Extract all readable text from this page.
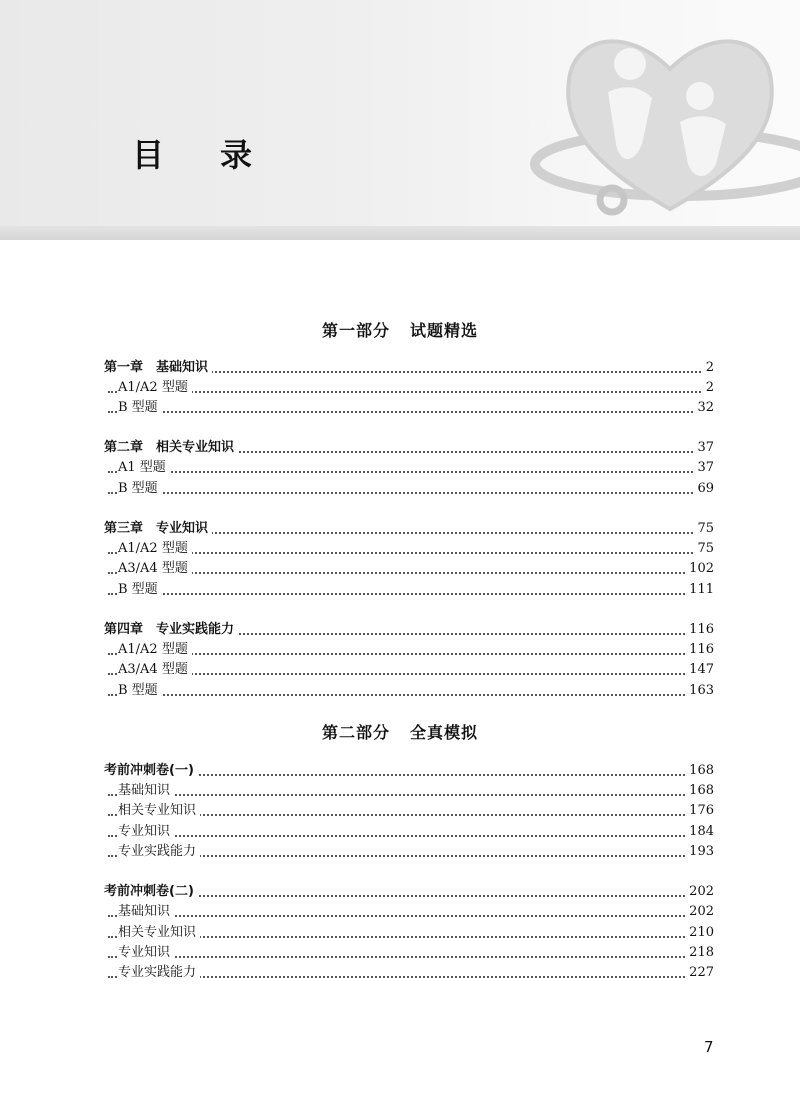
目 录
第一部分 试题精选
第一章　基础知识	2
A1/A2 型题	2
B 型题	32
第二章　相关专业知识	37
A1 型题	37
B 型题	69
第三章　专业知识	75
A1/A2 型题	75
A3/A4 型题	102
B 型题	111
第四章　专业实践能力	116
A1/A2 型题	116
A3/A4 型题	147
B 型题	163
第二部分 全真模拟
考前冲刺卷(一)	168
基础知识	168
相关专业知识	176
专业知识	184
专业实践能力	193
考前冲刺卷(二)	202
基础知识	202
相关专业知识	210
专业知识	218
专业实践能力	227
7
